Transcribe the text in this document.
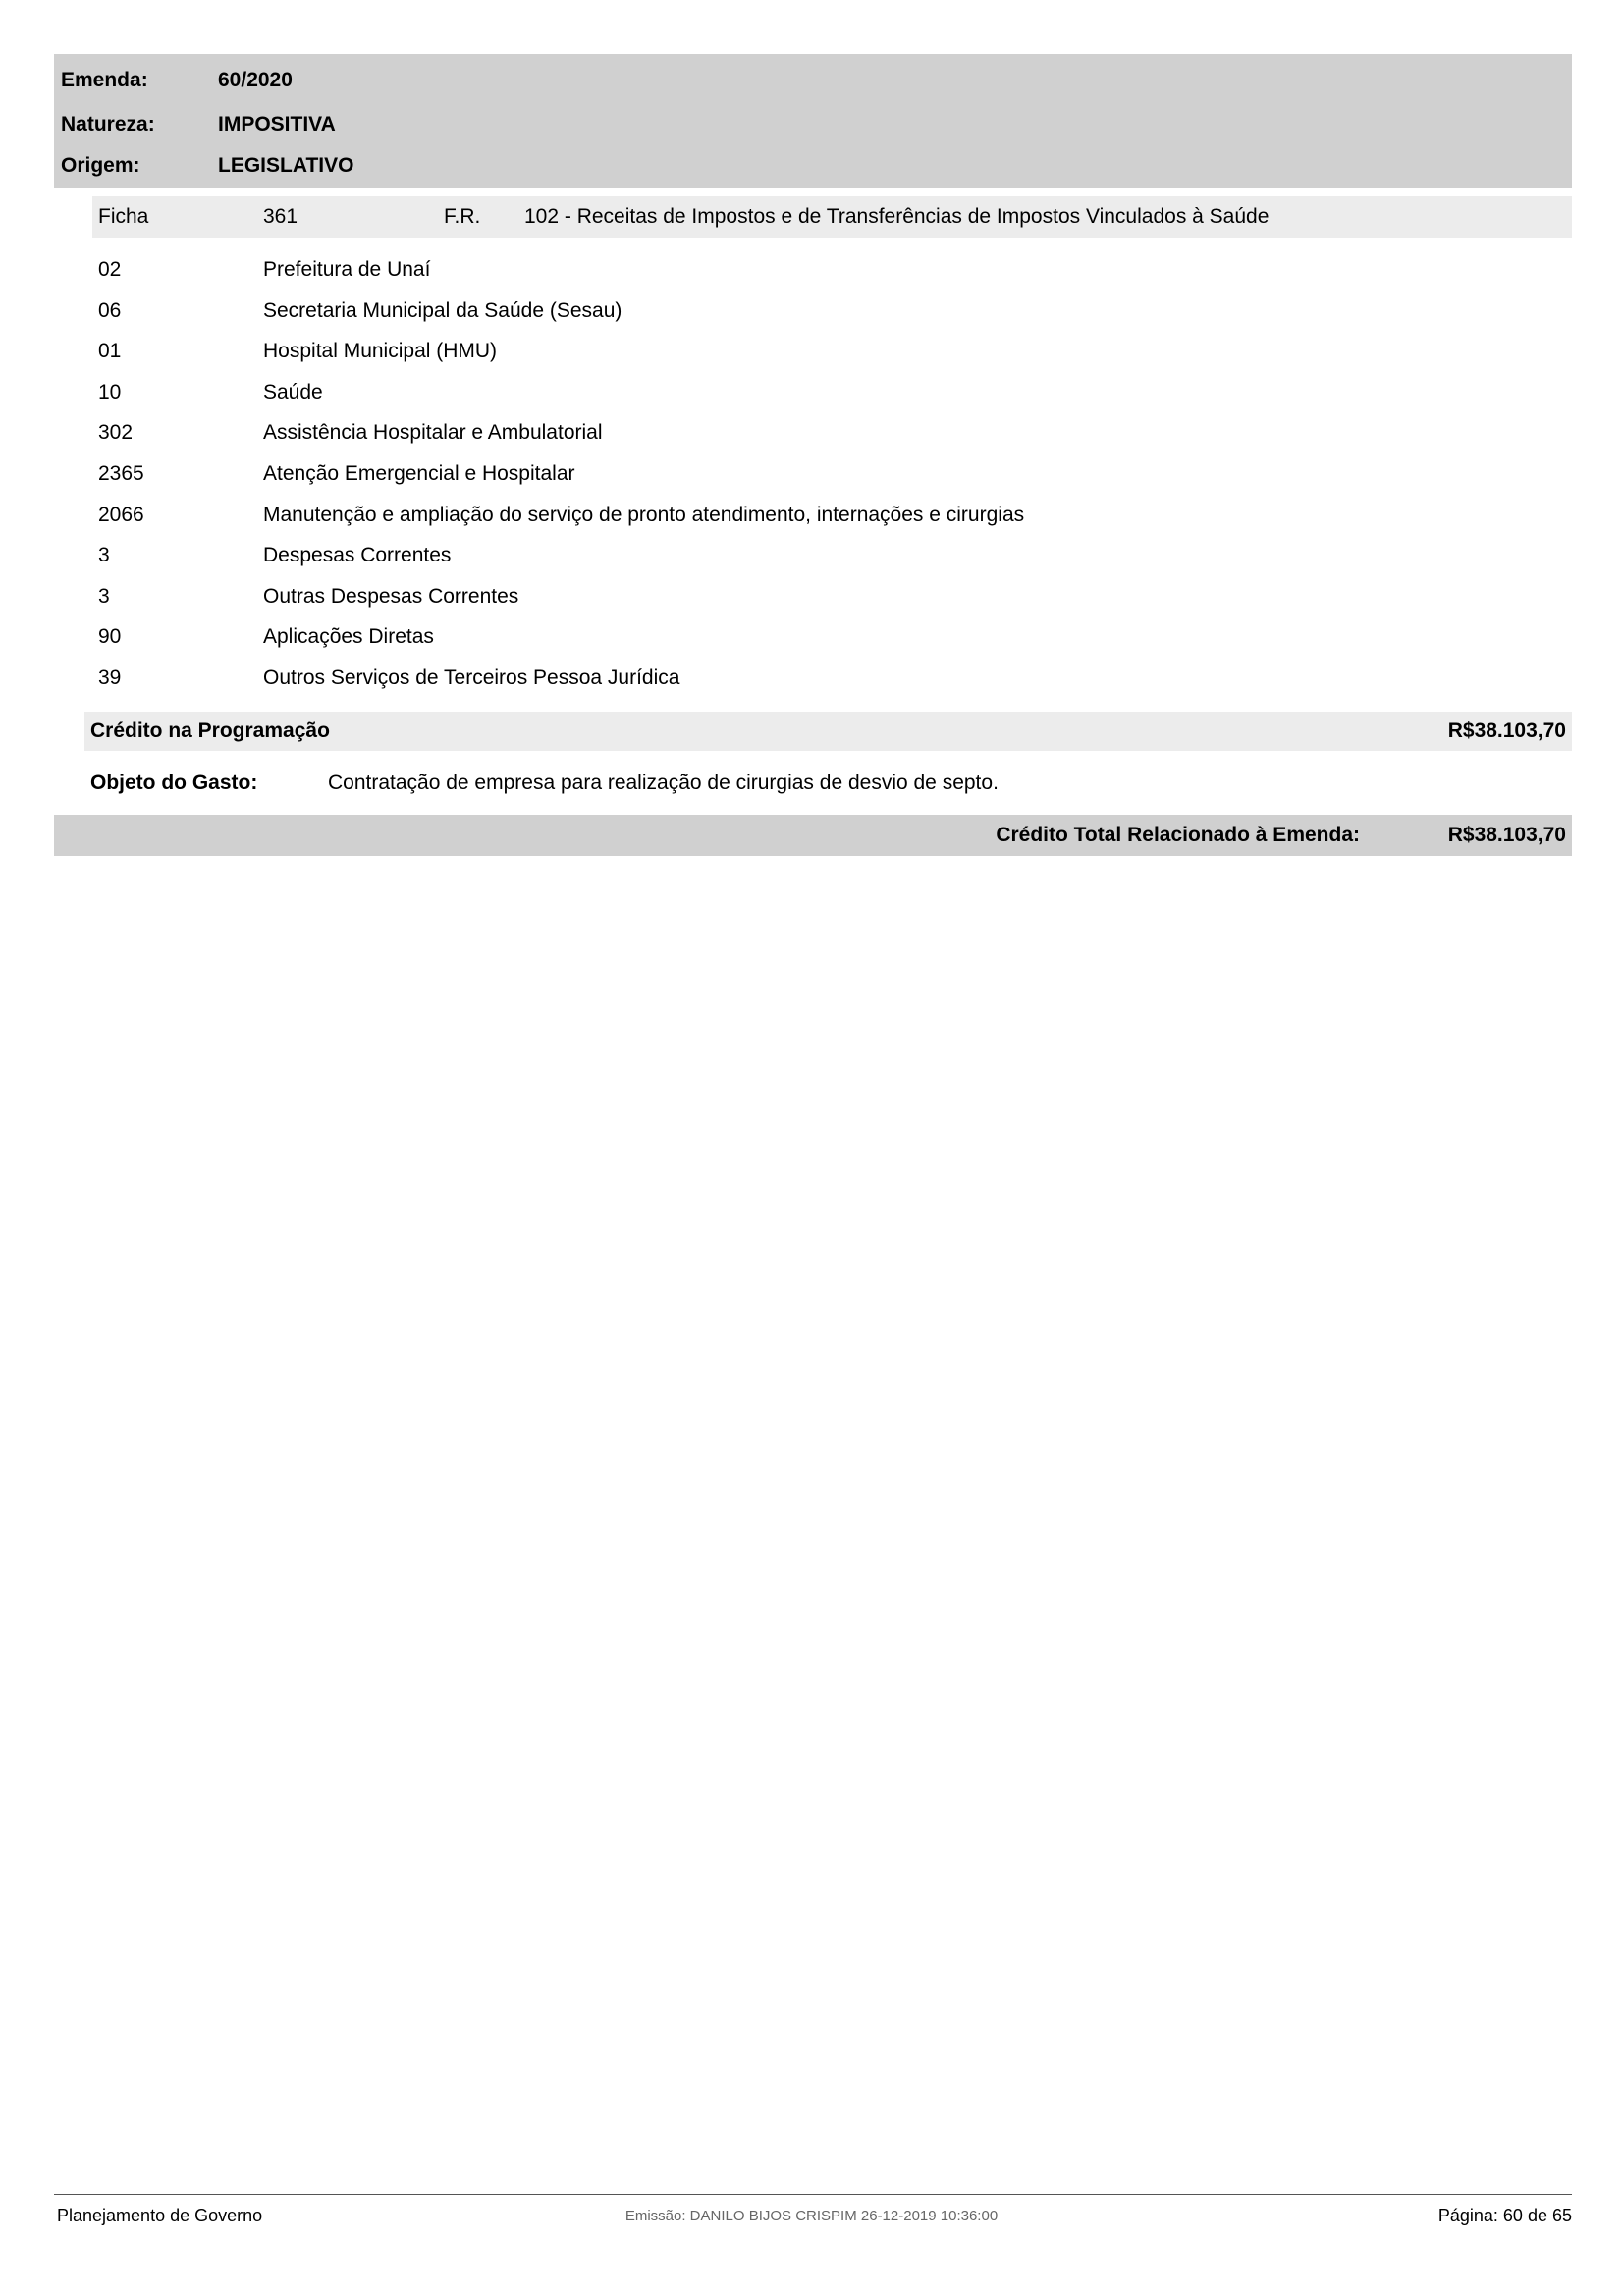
Emenda:	60/2020
Natureza:	IMPOSITIVA
Origem:	LEGISLATIVO
Ficha	361	F.R. 102 - Receitas de Impostos e de Transferências de Impostos Vinculados à Saúde
02	Prefeitura de Unaí
06	Secretaria Municipal da Saúde (Sesau)
01	Hospital Municipal (HMU)
10	Saúde
302	Assistência Hospitalar e Ambulatorial
2365	Atenção Emergencial e Hospitalar
2066	Manutenção e ampliação do serviço de pronto atendimento, internações e cirurgias
3	Despesas Correntes
3	Outras Despesas Correntes
90	Aplicações Diretas
39	Outros Serviços de Terceiros Pessoa Jurídica
Crédito na Programação	R$38.103,70
Objeto do Gasto:	Contratação de empresa para realização de cirurgias de desvio de septo.
Crédito Total Relacionado à Emenda:	R$38.103,70
Planejamento de Governo	Emissão: DANILO BIJOS CRISPIM 26-12-2019 10:36:00	Página: 60 de 65
